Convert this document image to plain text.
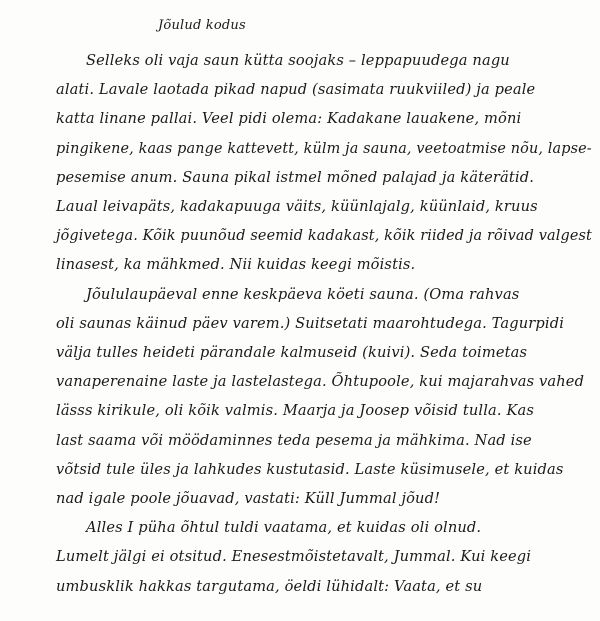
Jõulud kodus
Selleks oli vaja saun kütta soojaks – leppapuudega nagu
alati. Lavale laotada pikad napud (sasimata ruukviiled) ja peale
katta linane pallai. Veel pidi olema: Kadakane lauakene, mõni
pingikene, kaas pange kattevett, külm ja sauna, veetoatmise nõu, lapse-
pesemise anum. Sauna pikal istmel mõned palajad ja käterätid.
Laual leivapäts, kadakapuuga väits, küünlajalg, küünlaid, kruus
jõgivetega. Kõik puunõud seemid kadakast, kõik riided ja rõivad valgest
linasest, ka mähkmed. Nii kuidas keegi mõistis.
Jõululaupäeval enne keskpäeva köeti sauna. (Oma rahvas
oli saunas käinud päev varem.) Suitsetati maarohtudega. Tagurpidi
välja tulles heideti pärandale kalmuseid (kuivi). Seda toimetas
vanaperenaine laste ja lastelastega. Õhtupoole, kui majarahvas vahed
lässs kirikule, oli kõik valmis. Maarja ja Joosep võisid tulla. Kas
last saama või möödaminnes teda pesema ja mähkima. Nad ise
võtsid tule üles ja lahkudes kustutasid. Laste küsimusele, et kuidas
nad igale poole jõuavad, vastati: Küll Jummal jõud!
Alles I püha õhtul tuldi vaatama, et kuidas oli olnud.
Lumelt jälgi ei otsitud. Enesestmõistetavalt, Jummal. Kui keegi
umbusklik hakkas targutama, öeldi lühidalt: Vaata, et su
